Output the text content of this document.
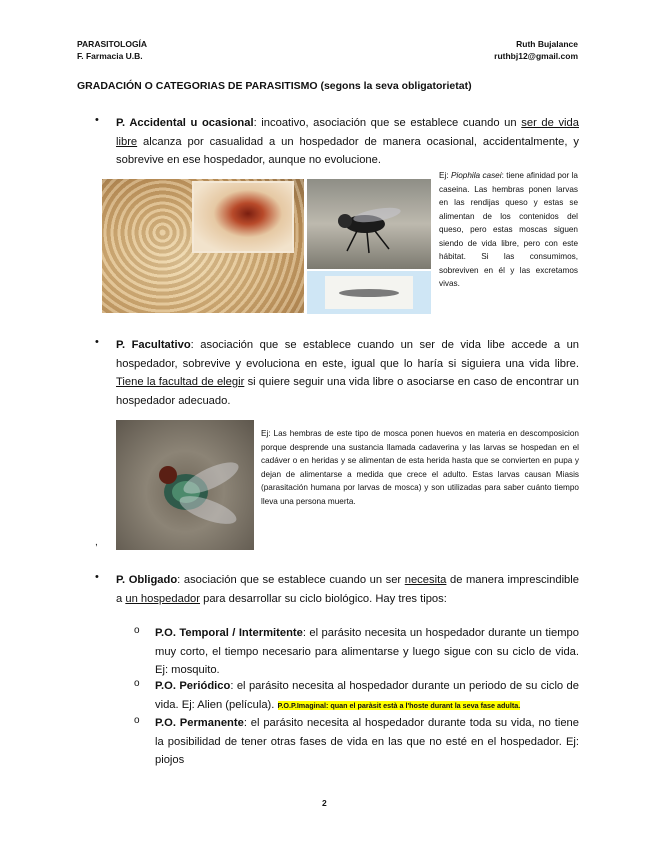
PARASITOLOGÍA
F. Farmacia U.B.
Ruth Bujalance
ruthbj12@gmail.com
GRADACIÓN O CATEGORIAS DE PARASITISMO (segons la seva obligatorietat)
• P. Accidental u ocasional: incoativo, asociación que se establece cuando un ser de vida libre alcanza por casualidad a un hospedador de manera ocasional, accidentalmente, y sobrevive en ese hospedador, aunque no evolucione.
Ej: Piophila casei: tiene afinidad por la caseina. Las hembras ponen larvas en las rendijas queso y estas se alimentan de los contenidos del queso, pero estas moscas siguen siendo de vida libre, pero con este hábitat. Si las consumimos, sobreviven en él y las excretamos vivas.
• P. Facultativo: asociación que se establece cuando un ser de vida libe accede a un hospedador, sobrevive y evoluciona en este, igual que lo haría si siguiera una vida libre. Tiene la facultad de elegir si quiere seguir una vida libre o asociarse en caso de encontrar un hospedador adecuado.
Ej: Las hembras de este tipo de mosca ponen huevos en materia en descomposicion porque desprende una sustancia llamada cadaverina y las larvas se hospedan en el cadáver o en heridas y se alimentan de esta herida hasta que se convierten en pupa y dejan de alimentarse a medida que crece el adulto. Estas larvas causan Miasis (parasitación humana por larvas de mosca) y son utilizadas para saber cuánto tiempo lleva una persona muerta.
,
• P. Obligado: asociación que se establece cuando un ser necesita de manera imprescindible a un hospedador para desarrollar su ciclo biológico. Hay tres tipos:
o P.O. Temporal / Intermitente: el parásito necesita un hospedador durante un tiempo muy corto, el tiempo necesario para alimentarse y luego sigue con su ciclo de vida. Ej: mosquito.
o P.O. Periódico: el parásito necesita al hospedador durante un periodo de su ciclo de vida. Ej: Alien (película). P.O.P.Imaginal: quan el paràsit està a l'hoste durant la seva fase adulta.
o P.O. Permanente: el parásito necesita al hospedador durante toda su vida, no tiene la posibilidad de tener otras fases de vida en las que no esté en el hospedador. Ej: piojos
2
